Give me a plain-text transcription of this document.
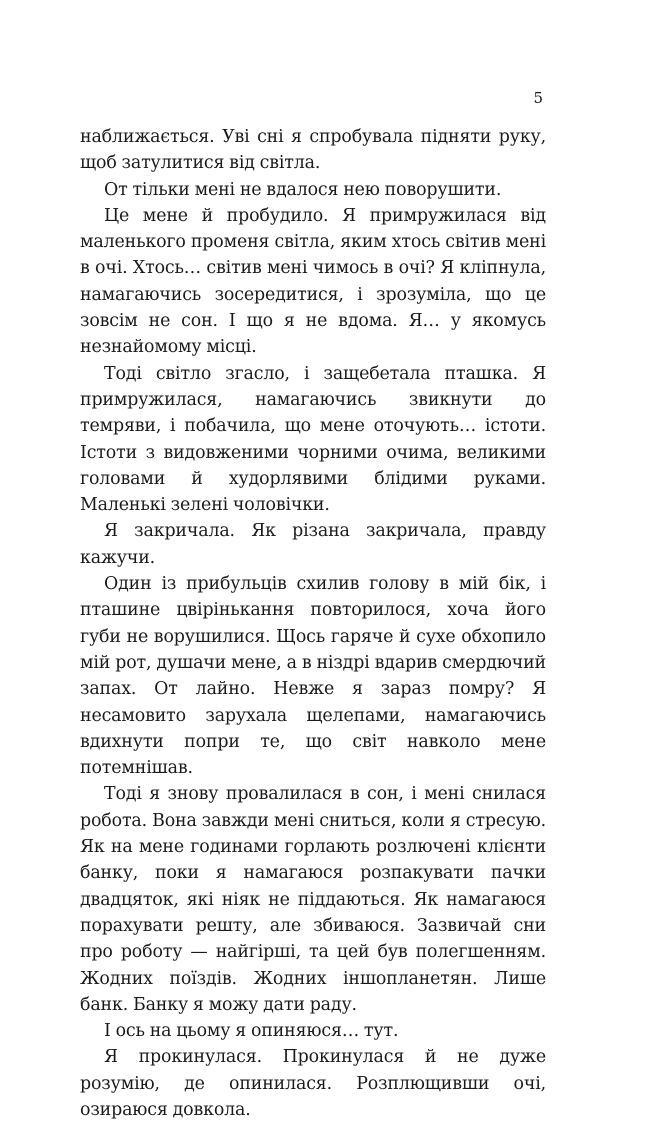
5

наближається. Уві сні я спробувала підняти руку, щоб затулитися від світла.

От тільки мені не вдалося нею поворушити.

Це мене й пробудило. Я примружилася від маленького променя світла, яким хтось світив мені в очі. Хтось… світив мені чимось в очі? Я кліпнула, намагаючись зосередитися, і зрозуміла, що це зовсім не сон. І що я не вдома. Я… у якомусь незнайомому місці.

Тоді світло згасло, і защебетала пташка. Я примружилася, намагаючись звикнути до темряви, і побачила, що мене оточують… істоти. Істоти з видовженими чорними очима, великими головами й худорлявими блідими руками. Маленькі зелені чоловічки.

Я закричала. Як різана закричала, правду кажучи.

Один із прибульців схилив голову в мій бік, і пташине цвірінькання повторилося, хоча його губи не ворушилися. Щось гаряче й сухе обхопило мій рот, душачи мене, а в ніздрі вдарив смердючий запах. От лайно. Невже я зараз помру? Я несамовито зарухала щелепами, намагаючись вдихнути попри те, що світ навколо мене потемнішав.

Тоді я знову провалилася в сон, і мені снилася робота. Вона завжди мені сниться, коли я стресую. Як на мене годинами горлають розлючені клієнти банку, поки я намагаюся розпакувати пачки двадцяток, які ніяк не піддаються. Як намагаюся порахувати решту, але збиваюся. Зазвичай сни про роботу — найгірші, та цей був полегшенням. Жодних поїздів. Жодних іншопланетян. Лише банк. Банку я можу дати раду.

І ось на цьому я опиняюся… тут.

Я прокинулася. Прокинулася й не дуже розумію, де опинилася. Розплющивши очі, озираюся довкола.
